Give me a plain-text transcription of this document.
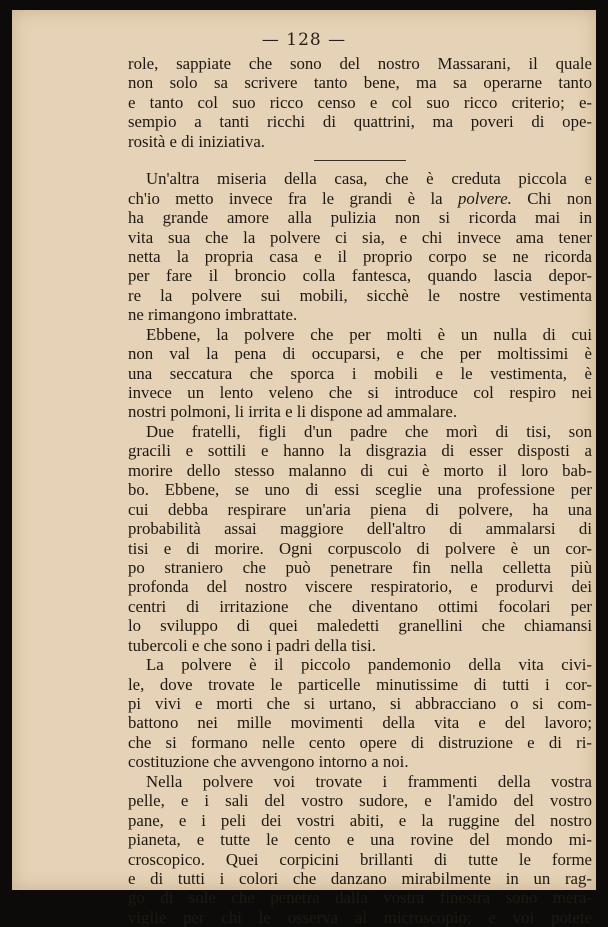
— 128 —
role, sappiate che sono del nostro Massarani, il quale
non solo sa scrivere tanto bene, ma sa operarne tanto
e tanto col suo ricco censo e col suo ricco criterio; e-
sempio a tanti ricchi di quattrini, ma poveri di ope-
rosità e di iniziativa.
Un'altra miseria della casa, che è creduta piccola e
ch'io metto invece fra le grandi è la polvere. Chi non
ha grande amore alla pulizia non si ricorda mai in
vita sua che la polvere ci sia, e chi invece ama tener
netta la propria casa e il proprio corpo se ne ricorda
per fare il broncio colla fantesca, quando lascia depor-
re la polvere sui mobili, sicchè le nostre vestimenta
ne rimangono imbrattate.
Ebbene, la polvere che per molti è un nulla di cui
non val la pena di occuparsi, e che per moltissimi è
una seccatura che sporca i mobili e le vestimenta, è
invece un lento veleno che si introduce col respiro nei
nostri polmoni, li irrita e li dispone ad ammalare.
Due fratelli, figli d'un padre che morì di tisi, son
gracili e sottili e hanno la disgrazia di esser disposti a
morire dello stesso malanno di cui è morto il loro bab-
bo. Ebbene, se uno di essi sceglie una professione per
cui debba respirare un'aria piena di polvere, ha una
probabilità assai maggiore dell'altro di ammalarsi di
tisi e di morire. Ogni corpuscolo di polvere è un cor-
po straniero che può penetrare fin nella celletta più
profonda del nostro viscere respiratorio, e produrvi dei
centri di irritazione che diventano ottimi focolari per
lo sviluppo di quei maledetti granellini che chiamansi
tubercoli e che sono i padri della tisi.
La polvere è il piccolo pandemonio della vita civi-
le, dove trovate le particelle minutissime di tutti i cor-
pi vivi e morti che si urtano, si abbracciano o si com-
battono nei mille movimenti della vita e del lavoro;
che si formano nelle cento opere di distruzione e di ri-
costituzione che avvengono intorno a noi.
Nella polvere voi trovate i frammenti della vostra
pelle, e i sali del vostro sudore, e l'amido del vostro
pane, e i peli dei vostri abiti, e la ruggine del nostro
pianeta, e tutte le cento e una rovine del mondo mi-
croscopico. Quei corpicini brillanti di tutte le forme
e di tutti i colori che danzano mirabilmente in un rag-
go di sole che penetra dalla vostra finestra sono mera-
viglie per chi le osserva al microscopio; e voi potete
